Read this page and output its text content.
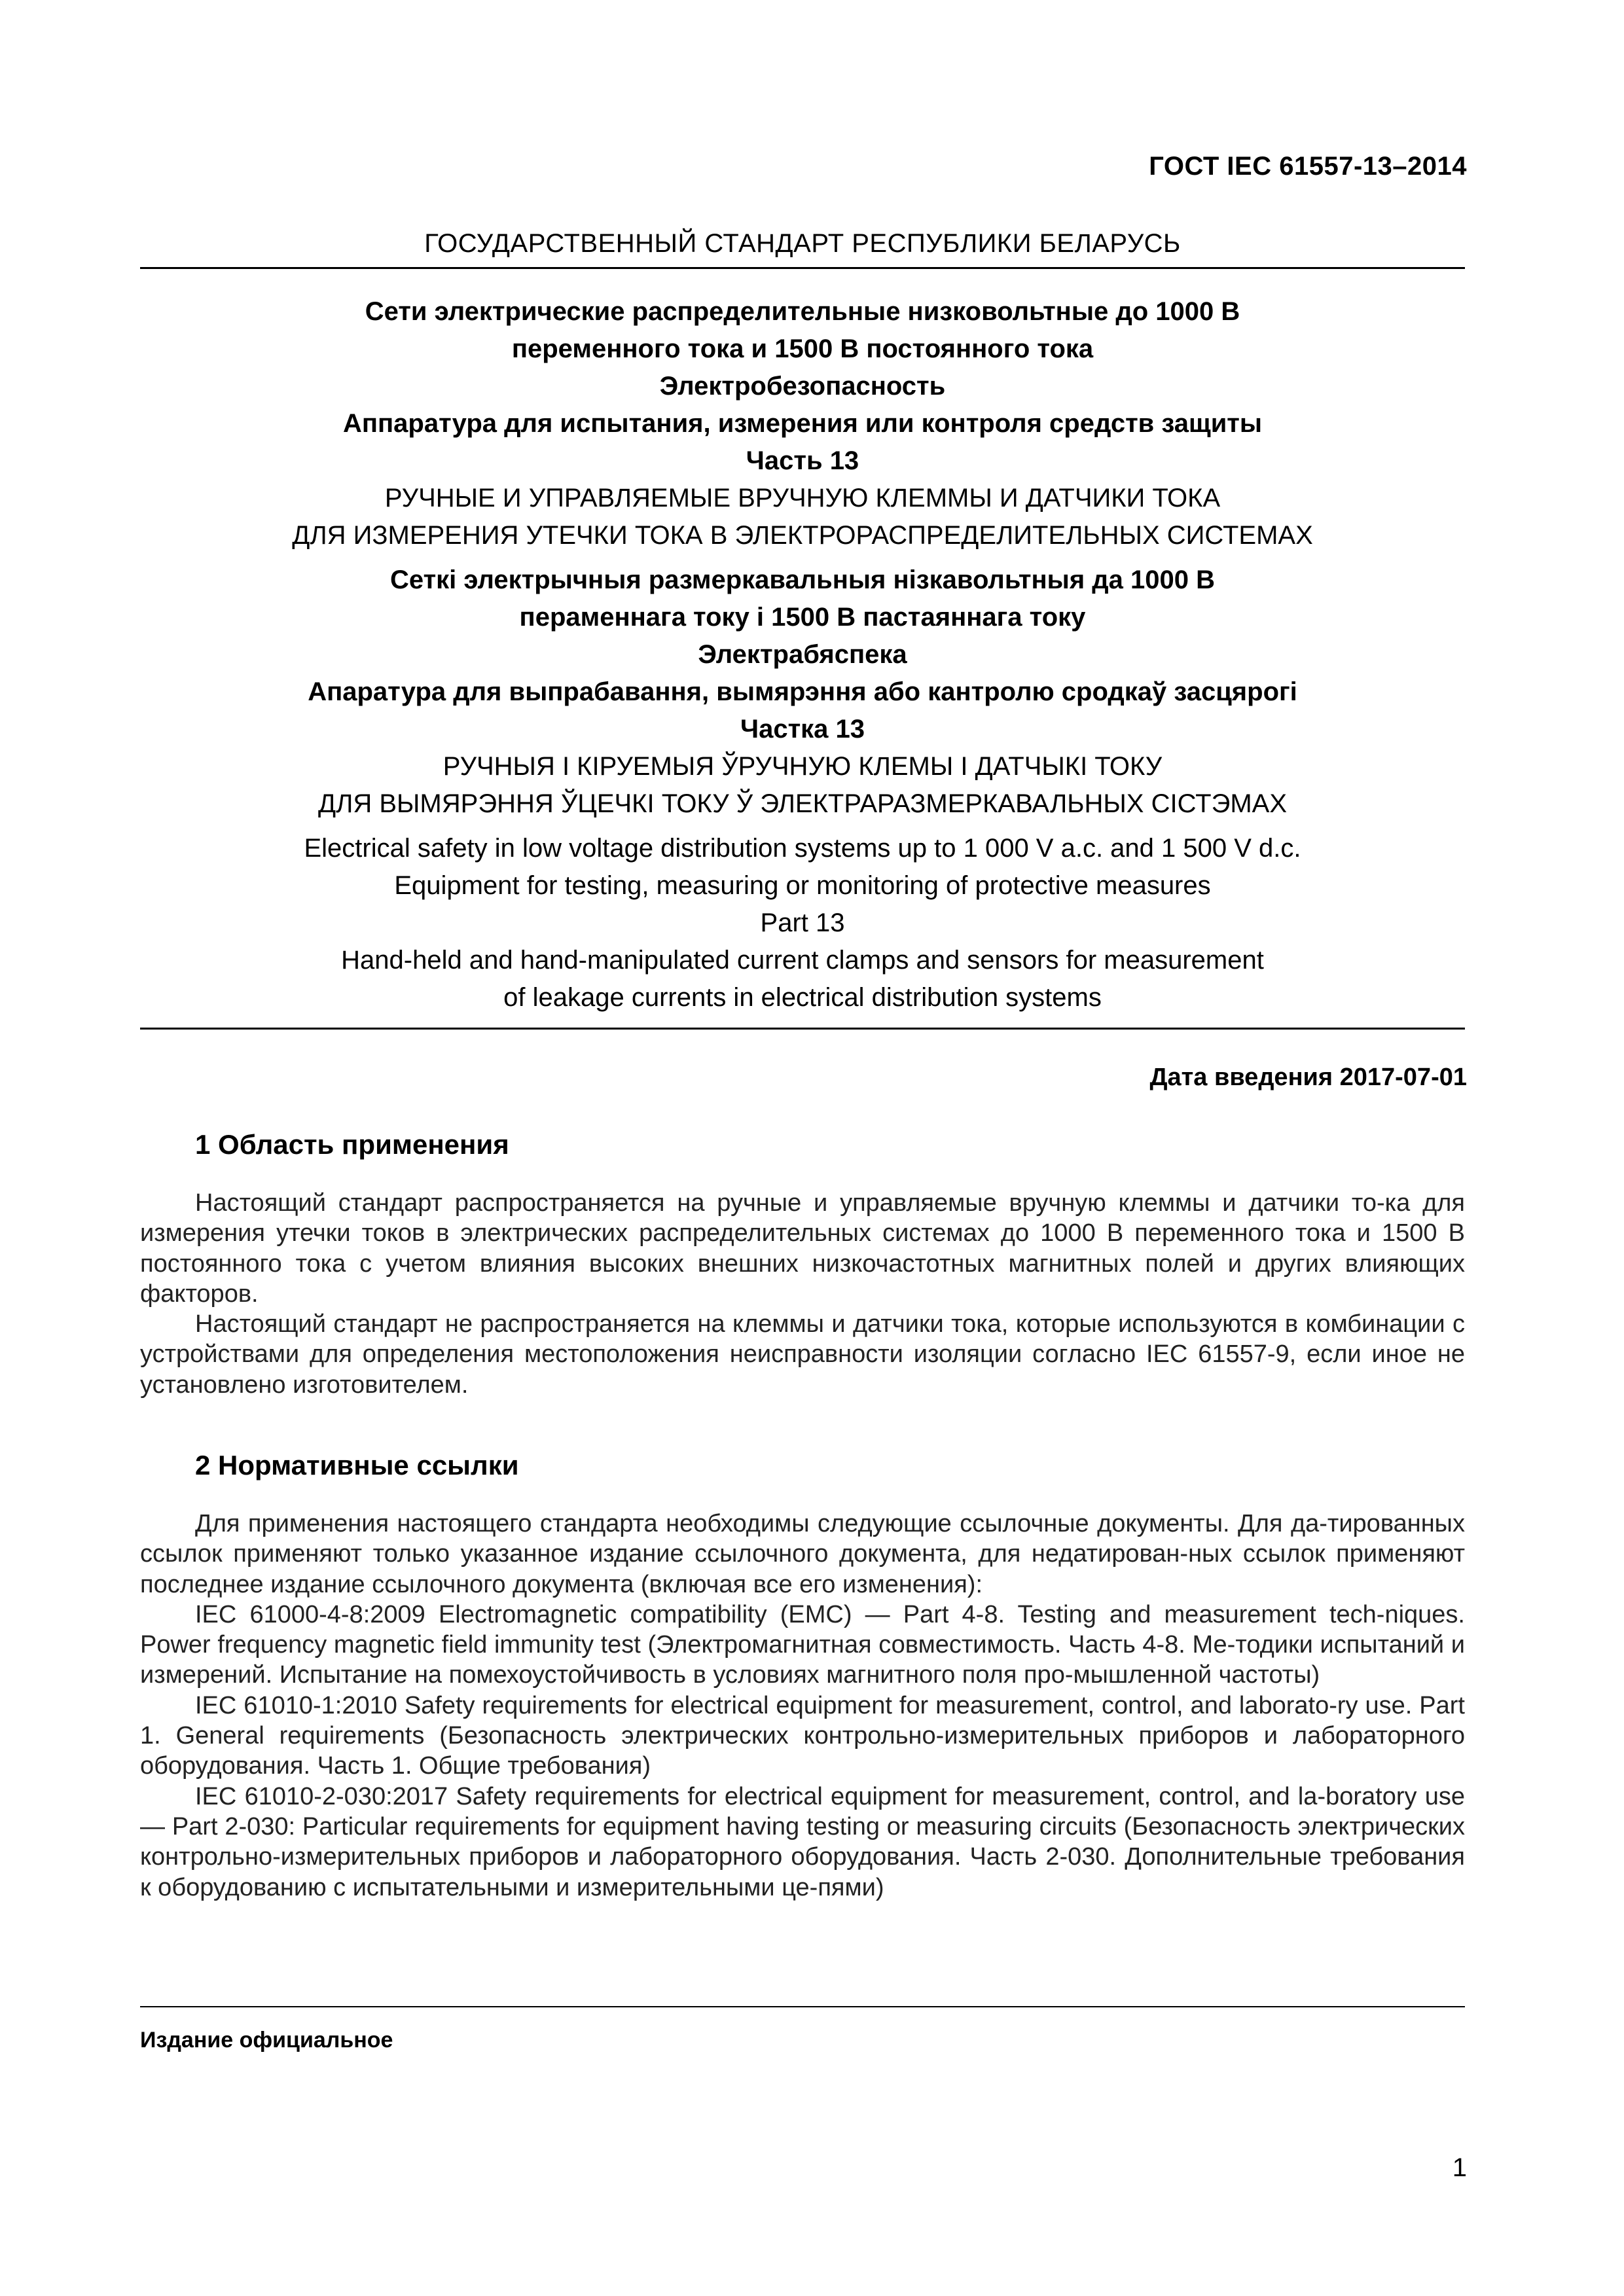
ГОСТ IEC 61557-13–2014
ГОСУДАРСТВЕННЫЙ СТАНДАРТ РЕСПУБЛИКИ БЕЛАРУСЬ
Сети электрические распределительные низковольтные до 1000 В
переменного тока и 1500 В постоянного тока
Электробезопасность
Аппаратура для испытания, измерения или контроля средств защиты
Часть 13
РУЧНЫЕ И УПРАВЛЯЕМЫЕ ВРУЧНУЮ КЛЕММЫ И ДАТЧИКИ ТОКА
ДЛЯ ИЗМЕРЕНИЯ УТЕЧКИ ТОКА В ЭЛЕКТРОРАСПРЕДЕЛИТЕЛЬНЫХ СИСТЕМАХ
Сеткі электрычныя размеркавальныя нізкавольтныя да 1000 В
пераменнага току і 1500 В пастаяннага току
Электрабяспека
Апаратура для выпрабавання, вымярэння або кантролю сродкаў засцярогі
Частка 13
РУЧНЫЯ І КІРУЕМЫЯ ЎРУЧНУЮ КЛЕМЫ І ДАТЧЫКІ ТОКУ
ДЛЯ ВЫМЯРЭННЯ ЎЦЕЧКІ ТОКУ Ў ЭЛЕКТРАРАЗМЕРКАВАЛЬНЫХ СІСТЭМАХ
Electrical safety in low voltage distribution systems up to 1 000 V a.c. and 1 500 V d.c.
Equipment for testing, measuring or monitoring of protective measures
Part 13
Hand-held and hand-manipulated current clamps and sensors for measurement
of leakage currents in electrical distribution systems
Дата введения 2017-07-01
1 Область применения

Настоящий стандарт распространяется на ручные и управляемые вручную клеммы и датчики то-ка для измерения утечки токов в электрических распределительных системах до 1000 В переменного тока и 1500 В постоянного тока с учетом влияния высоких внешних низкочастотных магнитных полей и других влияющих факторов.

Настоящий стандарт не распространяется на клеммы и датчики тока, которые используются в комбинации с устройствами для определения местоположения неисправности изоляции согласно IEC 61557-9, если иное не установлено изготовителем.

2 Нормативные ссылки

Для применения настоящего стандарта необходимы следующие ссылочные документы. Для да-тированных ссылок применяют только указанное издание ссылочного документа, для недатирован-ных ссылок применяют последнее издание ссылочного документа (включая все его изменения):

IEC 61000-4-8:2009 Electromagnetic compatibility (EMC) — Part 4-8. Testing and measurement tech-niques. Power frequency magnetic field immunity test (Электромагнитная совместимость. Часть 4-8. Ме-тодики испытаний и измерений. Испытание на помехоустойчивость в условиях магнитного поля про-мышленной частоты)

IEC 61010-1:2010 Safety requirements for electrical equipment for measurement, control, and laborato-ry use. Part 1. General requirements (Безопасность электрических контрольно-измерительных приборов и лабораторного оборудования. Часть 1. Общие требования)

IEC 61010-2-030:2017 Safety requirements for electrical equipment for measurement, control, and la-boratory use — Part 2-030: Particular requirements for equipment having testing or measuring circuits (Безопасность электрических контрольно-измерительных приборов и лабораторного оборудования. Часть 2-030. Дополнительные требования к оборудованию с испытательными и измерительными це-пями)

Издание официальное
1
